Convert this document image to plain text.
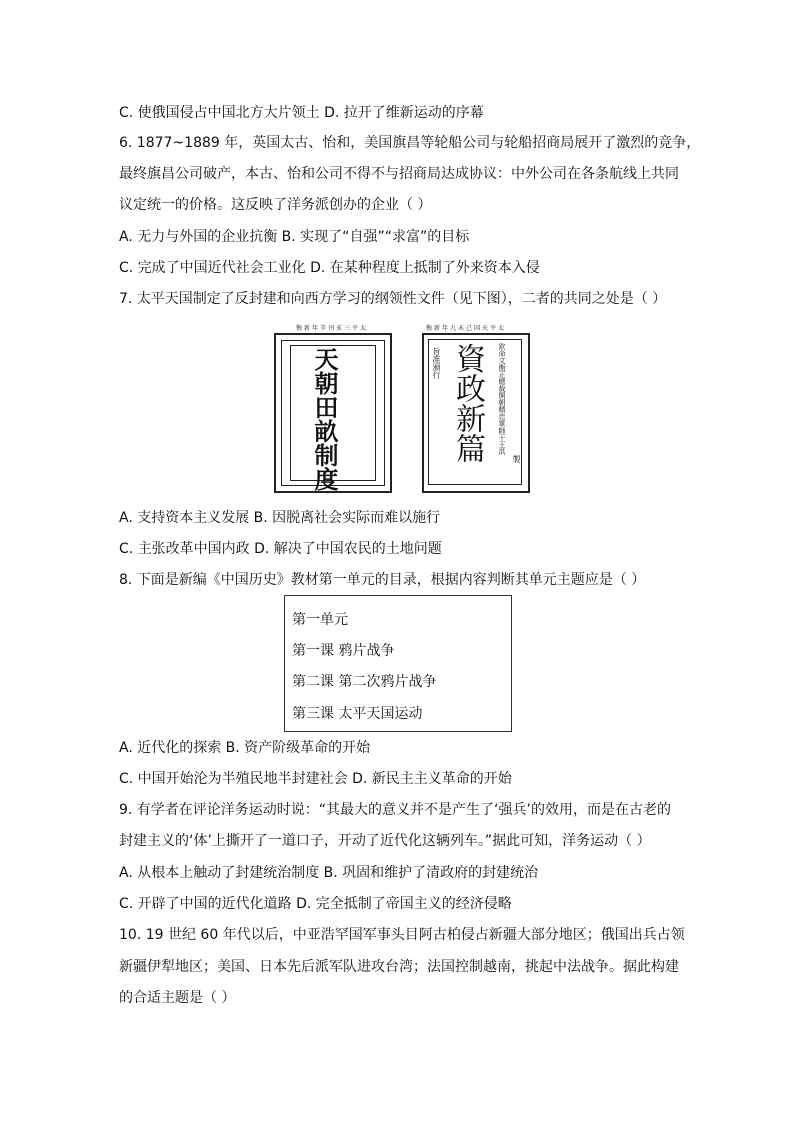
C. 使俄国侵占中国北方大片领土 D. 拉开了维新运动的序幕
6. 1877~1889 年，英国太古、怡和，美国旗昌等轮船公司与轮船招商局展开了激烈的竞争，
最终旗昌公司破产，本古、怡和公司不得不与招商局达成协议：中外公司在各条航线上共同
议定统一的价格。这反映了洋务派创办的企业（ ）
A. 无力与外国的企业抗衡 B. 实现了“自强”“求富”的目标
C. 完成了中国近代社会工业化 D. 在某种程度上抵制了外来资本入侵
7. 太平天国制定了反封建和向西方学习的纲领性文件（见下图），二者的共同之处是（ ）
天朝田畝制度
镌新年辛刊亥三平太
旨准頒行 資政新篇 欽命文衡正總裁開朝精忠軍師干王洪
製
镌新年九未己国天平太
A. 支持资本主义发展 B. 因脱离社会实际而难以施行
C. 主张改革中国内政 D. 解决了中国农民的土地问题
8. 下面是新编《中国历史》教材第一单元的目录，根据内容判断其单元主题应是（ ）
第一单元
第一课 鸦片战争
第二课 第二次鸦片战争
第三课 太平天国运动
A. 近代化的探索 B. 资产阶级革命的开始
C. 中国开始沦为半殖民地半封建社会 D. 新民主主义革命的开始
9. 有学者在评论洋务运动时说：“其最大的意义并不是产生了‘强兵’的效用，而是在古老的
封建主义的‘体’上撕开了一道口子，开动了近代化这辆列车。”据此可知，洋务运动（ ）
A. 从根本上触动了封建统治制度 B. 巩固和维护了清政府的封建统治
C. 开辟了中国的近代化道路 D. 完全抵制了帝国主义的经济侵略
10. 19 世纪 60 年代以后，中亚浩罕国军事头目阿古柏侵占新疆大部分地区；俄国出兵占领
新疆伊犁地区；美国、日本先后派军队进攻台湾；法国控制越南，挑起中法战争。据此构建
的合适主题是（ ）
